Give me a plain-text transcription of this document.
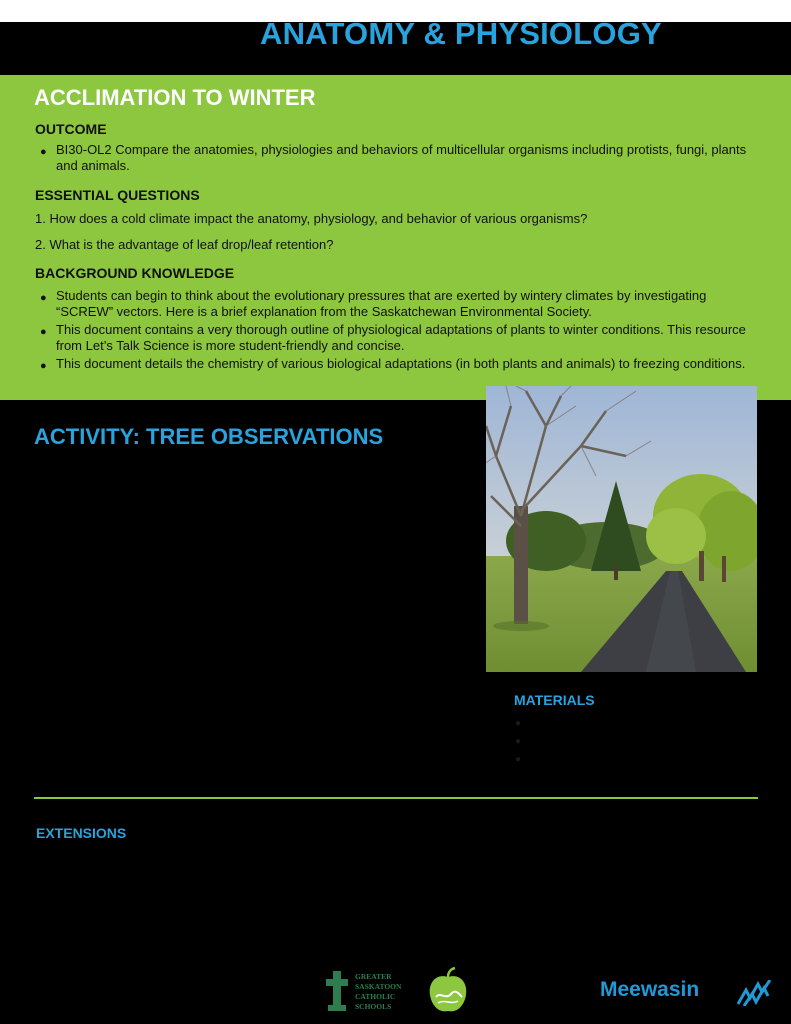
ANATOMY & PHYSIOLOGY
ACCLIMATION TO WINTER
OUTCOME
● BI30-OL2 Compare the anatomies, physiologies and behaviors of multicellular organisms including protists, fungi, plants and animals.
ESSENTIAL QUESTIONS

1. How does a cold climate impact the anatomy, physiology, and behavior of various organisms?

2. What is the advantage of leaf drop/leaf retention?

BACKGROUND KNOWLEDGE
● Students can begin to think about the evolutionary pressures that are exerted by wintery climates by investigating “SCREW” vectors. Here is a brief explanation from the Saskatchewan Environmental Society.
● This document contains a very thorough outline of physiological adaptations of plants to winter conditions. This resource from Let’s Talk Science is more student-friendly and concise.
● This document details the chemistry of various biological adaptations (in both plants and animals) to freezing conditions.
ACTIVITY: TREE OBSERVATIONS
MATERIALS
●
●
●
EXTENSIONS
GREATER
SASKATOON
CATHOLIC
SCHOOLS
Meewasin
